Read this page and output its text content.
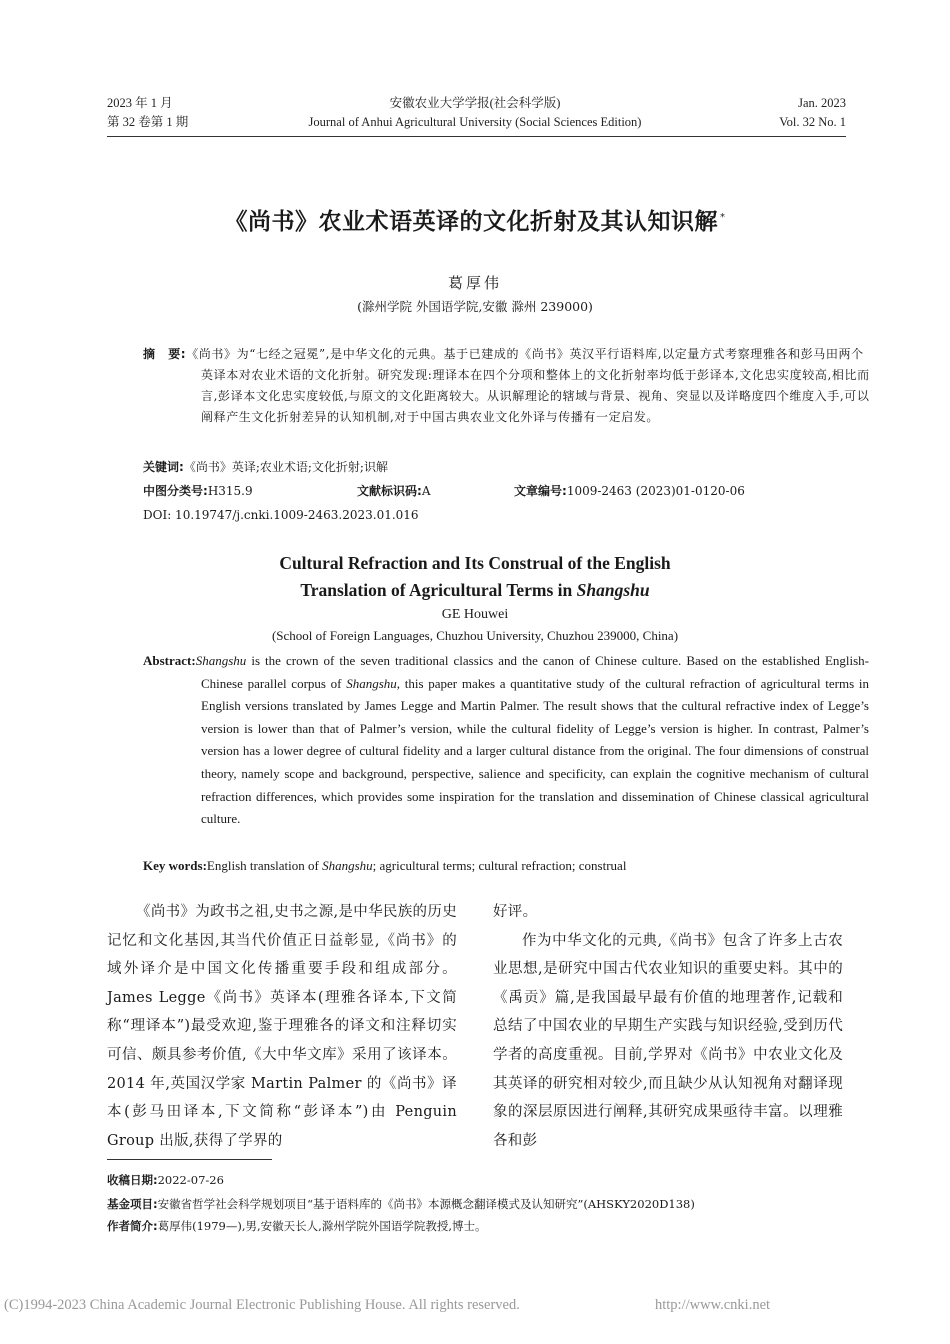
2023 年 1 月
第 32 卷第 1 期
安徽农业大学学报(社会科学版)
Journal of Anhui Agricultural University (Social Sciences Edition)
Jan. 2023
Vol. 32 No. 1
《尚书》农业术语英译的文化折射及其认知识解 *
葛厚伟
(滁州学院 外国语学院,安徽 滁州 239000)
摘　要:《尚书》为“七经之冠冕”,是中华文化的元典。基于已建成的《尚书》英汉平行语料库,以定量方式考察理雅各和彭马田两个英译本对农业术语的文化折射。研究发现:理译本在四个分项和整体上的文化折射率均低于彭译本,文化忠实度较高,相比而言,彭译本文化忠实度较低,与原文的文化距离较大。从识解理论的辖域与背景、视角、突显以及详略度四个维度入手,可以阐释产生文化折射差异的认知机制,对于中国古典农业文化外译与传播有一定启发。
关键词:《尚书》英译;农业术语;文化折射;识解
中图分类号:H315.9	文献标识码:A	文章编号:1009-2463 (2023)01-0120-06
DOI: 10.19747/j.cnki.1009-2463.2023.01.016
Cultural Refraction and Its Construal of the English
Translation of Agricultural Terms in Shangshu
GE Houwei
(School of Foreign Languages, Chuzhou University, Chuzhou 239000, China)
Abstract:Shangshu is the crown of the seven traditional classics and the canon of Chinese culture. Based on the established English-Chinese parallel corpus of Shangshu, this paper makes a quantitative study of the cultural refraction of agricultural terms in English versions translated by James Legge and Martin Palmer. The result shows that the cultural refractive index of Legge’s version is lower than that of Palmer’s version, while the cultural fidelity of Legge’s version is higher. In contrast, Palmer’s version has a lower degree of cultural fidelity and a larger cultural distance from the original. The four dimensions of construal theory, namely scope and background, perspective, salience and specificity, can explain the cognitive mechanism of cultural refraction differences, which provides some inspiration for the translation and dissemination of Chinese classical agricultural culture.
Key words:English translation of Shangshu; agricultural terms; cultural refraction; construal

《尚书》为政书之祖,史书之源,是中华民族的历史记忆和文化基因,其当代价值正日益彰显,《尚书》的域外译介是中国文化传播重要手段和组成部分。James Legge《尚书》英译本(理雅各译本,下文简称“理译本”)最受欢迎,鉴于理雅各的译文和注释切实可信、颇具参考价值,《大中华文库》采用了该译本。2014 年,英国汉学家 Martin Palmer 的《尚书》译本(彭马田译本,下文简称“彭译本”)由 Penguin Group 出版,获得了学界的

好评。

作为中华文化的元典,《尚书》包含了许多上古农业思想,是研究中国古代农业知识的重要史料。其中的《禹贡》篇,是我国最早最有价值的地理著作,记载和总结了中国农业的早期生产实践与知识经验,受到历代学者的高度重视。目前,学界对《尚书》中农业文化及其英译的研究相对较少,而且缺少从认知视角对翻译现象的深层原因进行阐释,其研究成果亟待丰富。以理雅各和彭

收稿日期:2022-07-26
基金项目:安徽省哲学社会科学规划项目“基于语料库的《尚书》本源概念翻译模式及认知研究”(AHSKY2020D138)
作者简介:葛厚伟(1979—),男,安徽天长人,滁州学院外国语学院教授,博士。
(C)1994-2023 China Academic Journal Electronic Publishing House. All rights reserved.	http://www.cnki.net
